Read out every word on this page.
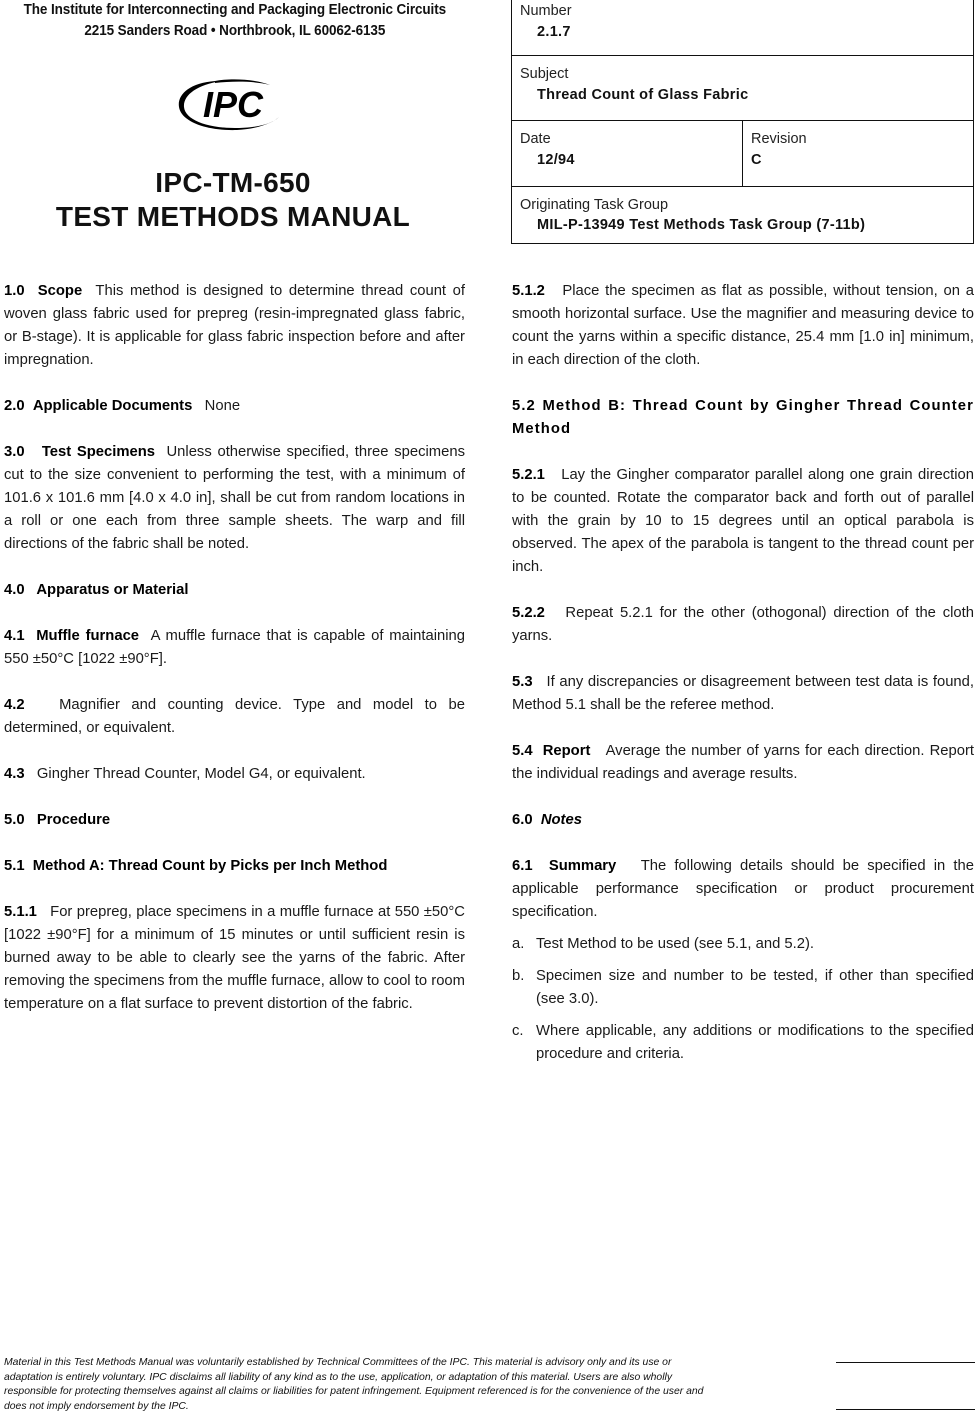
The Institute for Interconnecting and Packaging Electronic Circuits
2215 Sanders Road • Northbrook, IL 60062-6135
IPC
IPC-TM-650
TEST METHODS MANUAL
Number
2.1.7
Subject
Thread Count of Glass Fabric
Date
12/94
Revision
C
Originating Task Group
MIL-P-13949 Test Methods Task Group (7-11b)

1.0 Scope This method is designed to determine thread count of woven glass fabric used for prepreg (resin-impregnated glass fabric, or B-stage). It is applicable for glass fabric inspection before and after impregnation.

2.0 Applicable Documents None

3.0 Test Specimens Unless otherwise specified, three specimens cut to the size convenient to performing the test, with a minimum of 101.6 x 101.6 mm [4.0 x 4.0 in], shall be cut from random locations in a roll or one each from three sample sheets. The warp and fill directions of the fabric shall be noted.

4.0   Apparatus or Material

4.1 Muffle furnace A muffle furnace that is capable of maintaining 550 ±50°C [1022 ±90°F].

4.2 Magnifier and counting device. Type and model to be determined, or equivalent.

4.3 Gingher Thread Counter, Model G4, or equivalent.

5.0   Procedure

5.1  Method A: Thread Count by Picks per Inch Method

5.1.1 For prepreg, place specimens in a muffle furnace at 550 ±50°C [1022 ±90°F] for a minimum of 15 minutes or until sufficient resin is burned away to be able to clearly see the yarns of the fabric. After removing the specimens from the muffle furnace, allow to cool to room temperature on a flat surface to prevent distortion of the fabric.

5.1.2 Place the specimen as flat as possible, without tension, on a smooth horizontal surface. Use the magnifier and measuring device to count the yarns within a specific distance, 25.4 mm [1.0 in] minimum, in each direction of the cloth.

5.2 Method B: Thread Count by Gingher Thread Counter Method

5.2.1 Lay the Gingher comparator parallel along one grain direction to be counted. Rotate the comparator back and forth out of parallel with the grain by 10 to 15 degrees until an optical parabola is observed. The apex of the parabola is tangent to the thread count per inch.

5.2.2 Repeat 5.2.1 for the other (othogonal) direction of the cloth yarns.

5.3 If any discrepancies or disagreement between test data is found, Method 5.1 shall be the referee method.

5.4 Report Average the number of yarns for each direction. Report the individual readings and average results.

6.0 Notes

6.1 Summary The following details should be specified in the applicable performance specification or product procurement specification.

a. Test Method to be used (see 5.1, and 5.2).
b. Specimen size and number to be tested, if other than specified (see 3.0).
c. Where applicable, any additions or modifications to the specified procedure and criteria.
Material in this Test Methods Manual was voluntarily established by Technical Committees of the IPC. This material is advisory only and its use or adaptation is entirely voluntary. IPC disclaims all liability of any kind as to the use, application, or adaptation of this material. Users are also wholly responsible for protecting themselves against all claims or liabilities for patent infringement. Equipment referenced is for the convenience of the user and does not imply endorsement by the IPC.
